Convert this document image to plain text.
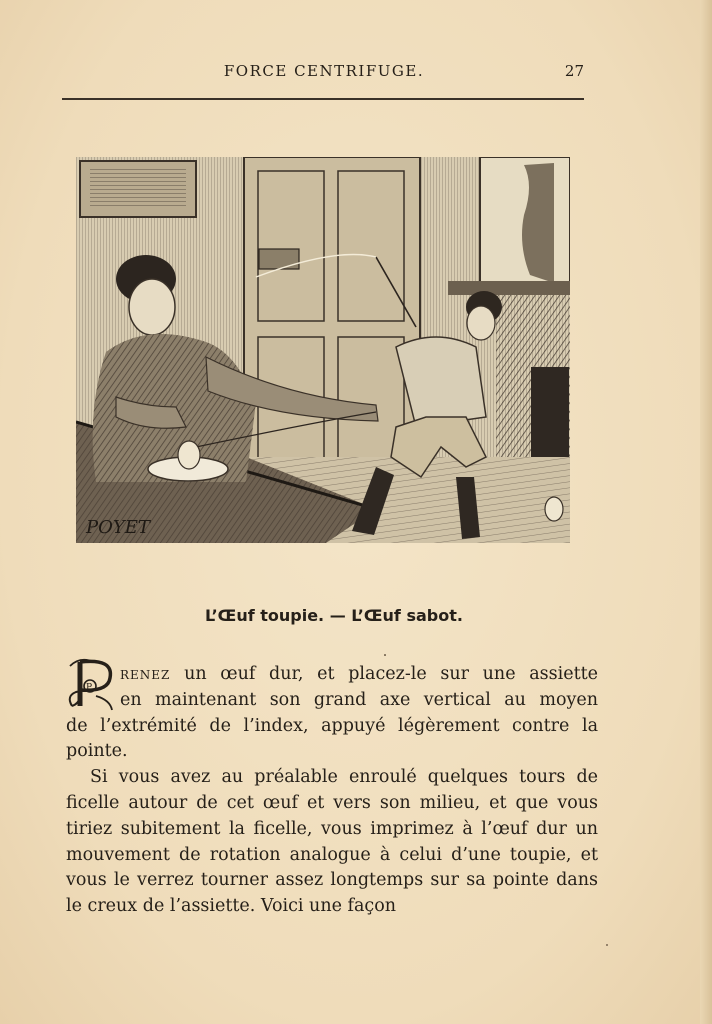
FORCE CENTRIFUGE.	27
POYET
L’Œuf toupie. — L’Œuf sabot.
P

renez un œuf dur, et placez-le sur une assiette
en maintenant son grand axe vertical au moyen
de l’extrémité de l’index, appuyé légèrement contre la pointe.

Si vous avez au préalable enroulé quelques tours de ficelle autour de cet œuf et vers son milieu, et que vous tiriez subitement la ficelle, vous imprimez à l’œuf dur un mouvement de rotation analogue à celui d’une toupie, et vous le verrez tourner assez longtemps sur sa pointe dans le creux de l’assiette. Voici une façon
